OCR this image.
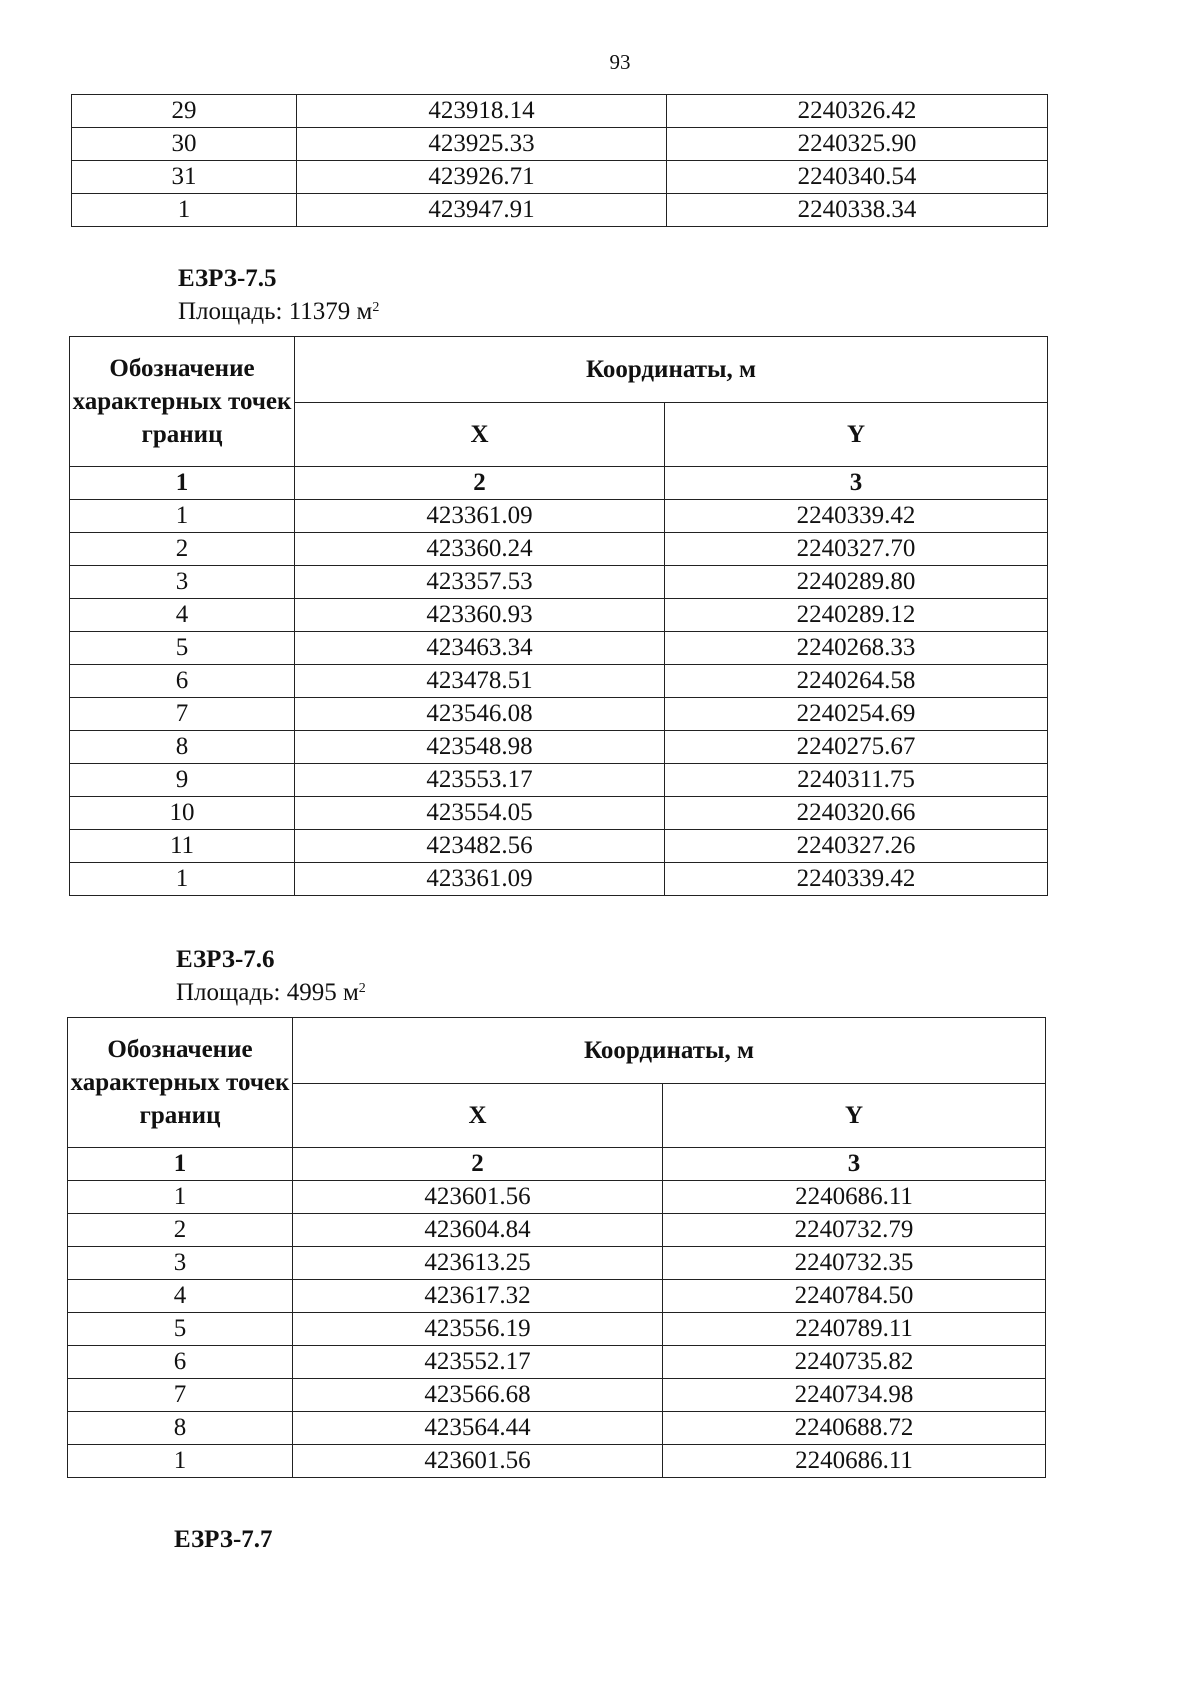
93
29	423918.14	2240326.42
30	423925.33	2240325.90
31	423926.71	2240340.54
1	423947.91	2240338.34
ЕЗРЗ-7.5
Площадь: 11379 $м^2$
Обозначение характерных точек границ	Координаты, м	
	X	Y
1	2	3
1	423361.09	2240339.42
2	423360.24	2240327.70
3	423357.53	2240289.80
4	423360.93	2240289.12
5	423463.34	2240268.33
6	423478.51	2240264.58
7	423546.08	2240254.69
8	423548.98	2240275.67
9	423553.17	2240311.75
10	423554.05	2240320.66
11	423482.56	2240327.26
1	423361.09	2240339.42
ЕЗРЗ-7.6
Площадь: 4995 $м^2$
Обозначение характерных точек границ	Координаты, м	
	X	Y
1	2	3
1	423601.56	2240686.11
2	423604.84	2240732.79
3	423613.25	2240732.35
4	423617.32	2240784.50
5	423556.19	2240789.11
6	423552.17	2240735.82
7	423566.68	2240734.98
8	423564.44	2240688.72
1	423601.56	2240686.11
ЕЗРЗ-7.7
